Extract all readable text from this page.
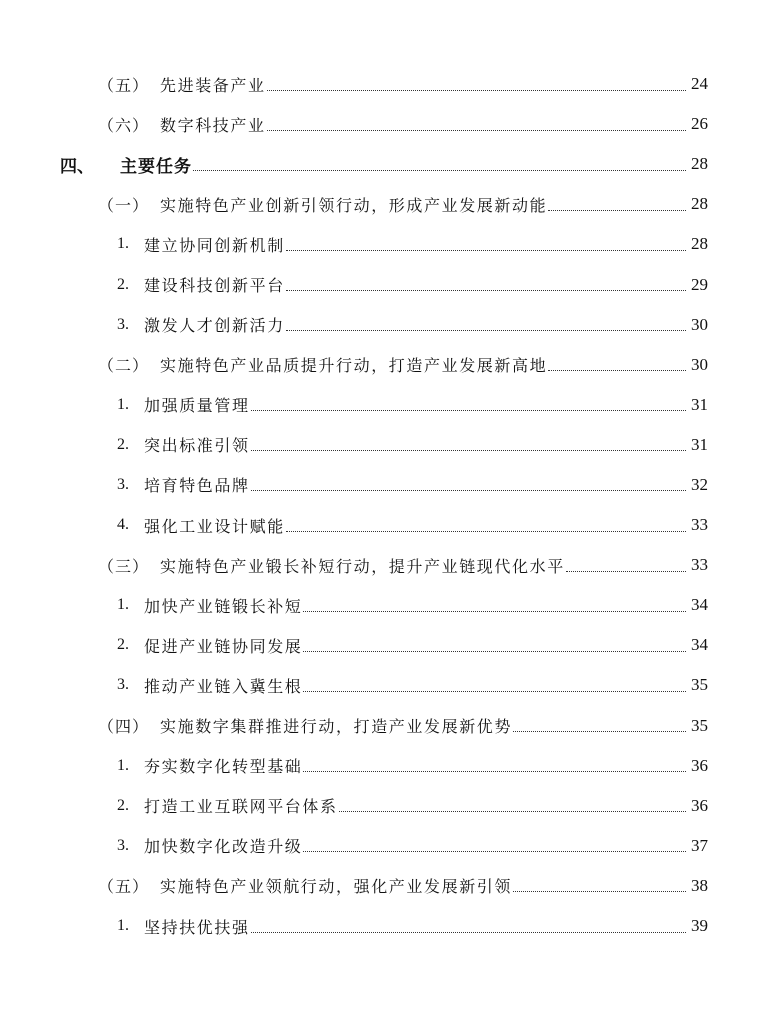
（五） 先进装备产业	24
（六） 数字科技产业	26
四、	主要任务	28
（一） 实施特色产业创新引领行动，形成产业发展新动能	28
1. 建立协同创新机制	28
2. 建设科技创新平台	29
3. 激发人才创新活力	30
（二） 实施特色产业品质提升行动，打造产业发展新高地	30
1. 加强质量管理	31
2. 突出标准引领	31
3. 培育特色品牌	32
4. 强化工业设计赋能	33
（三） 实施特色产业锻长补短行动，提升产业链现代化水平	33
1. 加快产业链锻长补短	34
2. 促进产业链协同发展	34
3. 推动产业链入冀生根	35
（四） 实施数字集群推进行动，打造产业发展新优势	35
1. 夯实数字化转型基础	36
2. 打造工业互联网平台体系	36
3. 加快数字化改造升级	37
（五） 实施特色产业领航行动，强化产业发展新引领	38
1. 坚持扶优扶强	39
